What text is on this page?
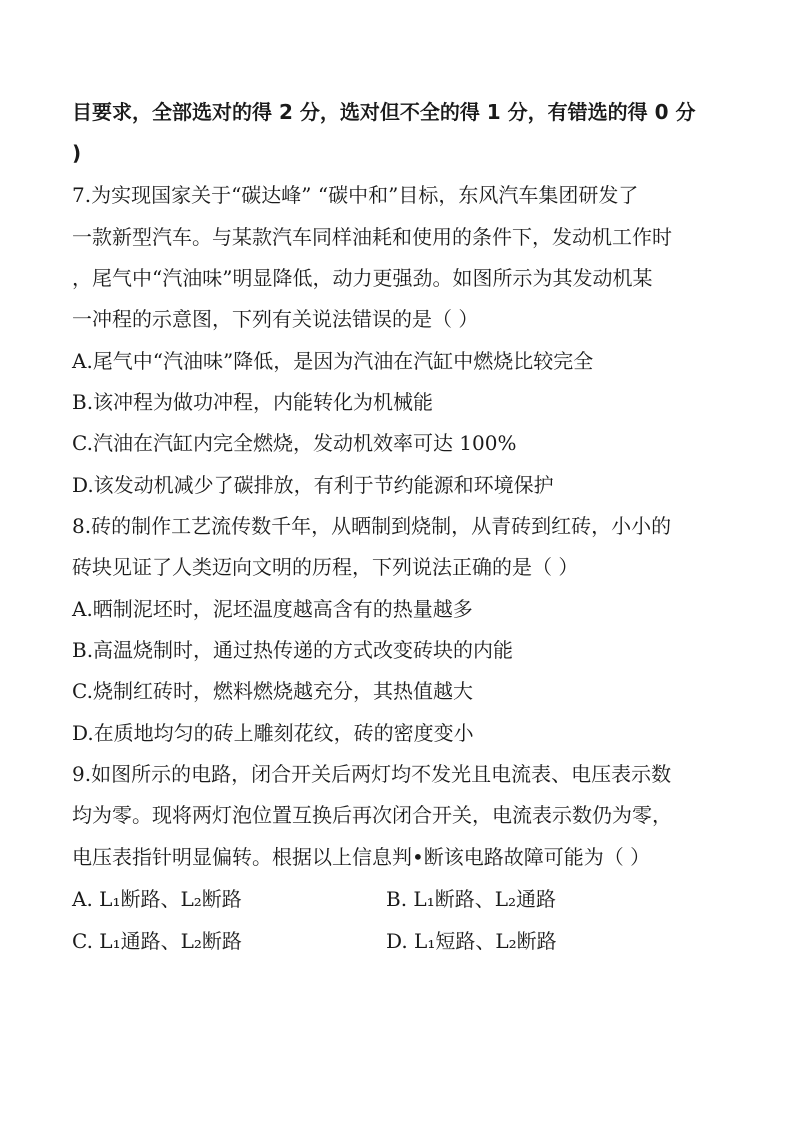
目要求，全部选对的得 2 分，选对但不全的得 1 分，有错选的得 0 分
)
7.为实现国家关于“碳达峰” “碳中和”目标，东风汽车集团研发了
一款新型汽车。与某款汽车同样油耗和使用的条件下，发动机工作时
，尾气中“汽油味”明显降低，动力更强劲。如图所示为其发动机某
一冲程的示意图，下列有关说法错误的是（ ）
A.尾气中“汽油味”降低，是因为汽油在汽缸中燃烧比较完全
B.该冲程为做功冲程，内能转化为机械能
C.汽油在汽缸内完全燃烧，发动机效率可达 100%
D.该发动机减少了碳排放，有利于节约能源和环境保护
8.砖的制作工艺流传数千年，从晒制到烧制，从青砖到红砖，小小的
砖块见证了人类迈向文明的历程，下列说法正确的是（ ）
A.晒制泥坯时，泥坯温度越高含有的热量越多
B.高温烧制时，通过热传递的方式改变砖块的内能
C.烧制红砖时，燃料燃烧越充分，其热值越大
D.在质地均匀的砖上雕刻花纹，砖的密度变小
9.如图所示的电路，闭合开关后两灯均不发光且电流表、电压表示数
均为零。现将两灯泡位置互换后再次闭合开关，电流表示数仍为零，
电压表指针明显偏转。根据以上信息判•断该电路故障可能为（ ）
A. L₁断路、L₂断路	B. L₁断路、L₂通路
C. L₁通路、L₂断路	D. L₁短路、L₂断路
